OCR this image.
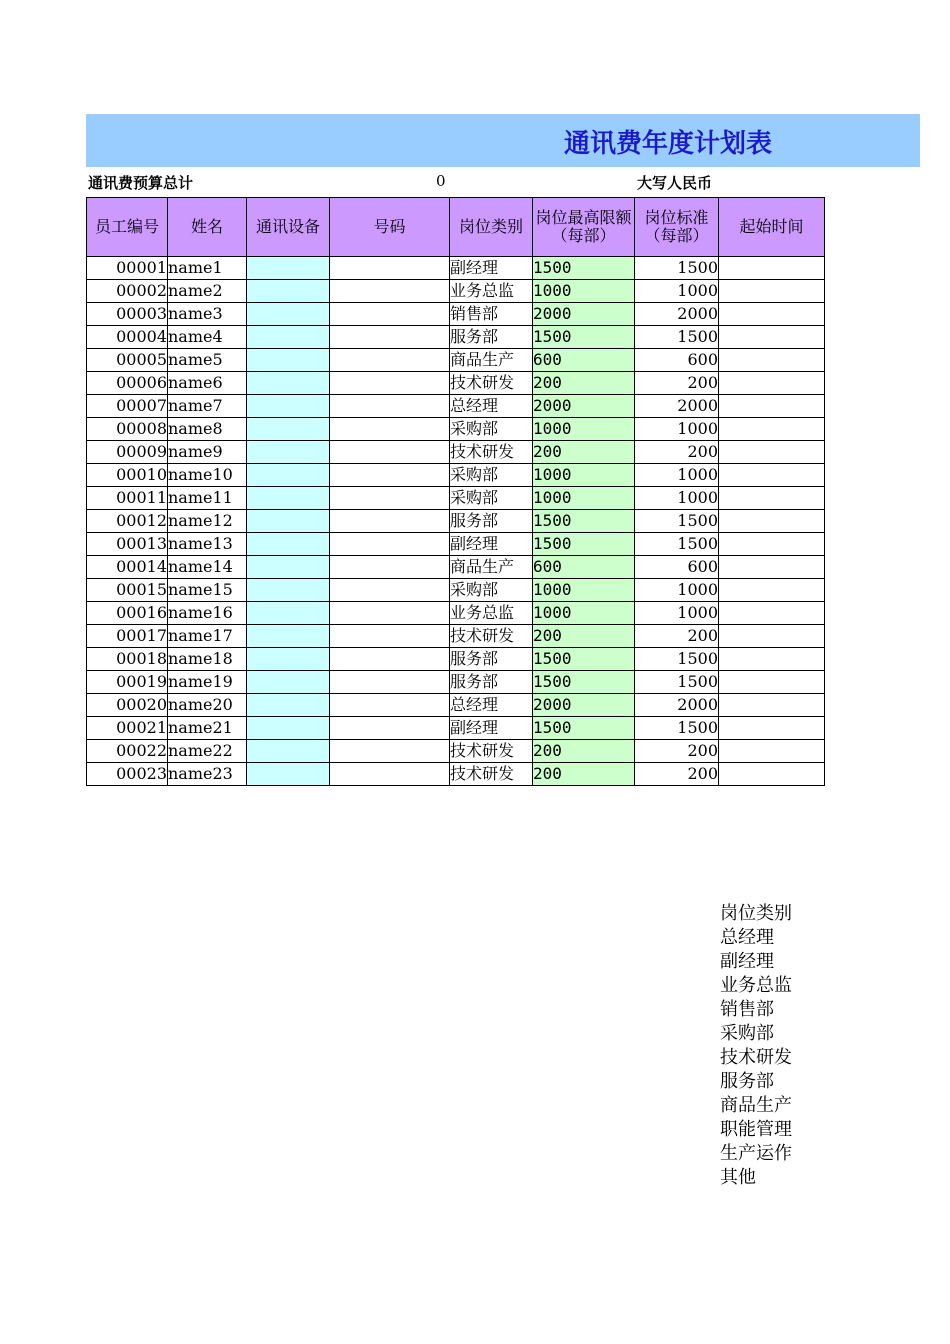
通讯费年度计划表
通讯费预算总计	0	大写人民币
员工编号	姓名	通讯设备	号码	岗位类别	岗位最高限额（每部）	岗位标准（每部）	起始时间
00001	name1			副经理	1500	1500	
00002	name2			业务总监	1000	1000	
00003	name3			销售部	2000	2000	
00004	name4			服务部	1500	1500	
00005	name5			商品生产	600	600	
00006	name6			技术研发	200	200	
00007	name7			总经理	2000	2000	
00008	name8			采购部	1000	1000	
00009	name9			技术研发	200	200	
00010	name10			采购部	1000	1000	
00011	name11			采购部	1000	1000	
00012	name12			服务部	1500	1500	
00013	name13			副经理	1500	1500	
00014	name14			商品生产	600	600	
00015	name15			采购部	1000	1000	
00016	name16			业务总监	1000	1000	
00017	name17			技术研发	200	200	
00018	name18			服务部	1500	1500	
00019	name19			服务部	1500	1500	
00020	name20			总经理	2000	2000	
00021	name21			副经理	1500	1500	
00022	name22			技术研发	200	200	
00023	name23			技术研发	200	200	
岗位类别
总经理
副经理
业务总监
销售部
采购部
技术研发
服务部
商品生产
职能管理
生产运作
其他
